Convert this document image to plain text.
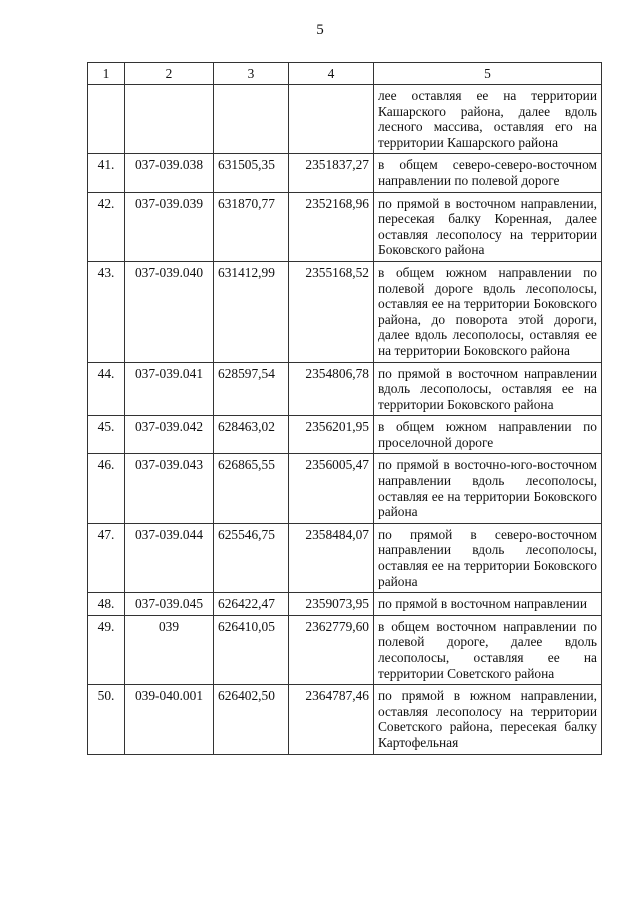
5
1	2	3	4	5
				лее оставляя ее на территории Кашарского района, далее вдоль лесного массива, оставляя его на территории Кашарского района
41.	037-039.038	631505,35	2351837,27	в общем северо-северо-восточном направлении по полевой дороге
42.	037-039.039	631870,77	2352168,96	по прямой в восточном направлении, пересекая балку Коренная, далее оставляя лесополосу на территории Боковского района
43.	037-039.040	631412,99	2355168,52	в общем южном направлении по полевой дороге вдоль лесополосы, оставляя ее на территории Боковского района, до поворота этой дороги, далее вдоль лесополосы, оставляя ее на территории Боковского района
44.	037-039.041	628597,54	2354806,78	по прямой в восточном направлении вдоль лесополосы, оставляя ее на территории Боковского района
45.	037-039.042	628463,02	2356201,95	в общем южном направлении по проселочной дороге
46.	037-039.043	626865,55	2356005,47	по прямой в восточно-юго-восточном направлении вдоль лесополосы, оставляя ее на территории Боковского района
47.	037-039.044	625546,75	2358484,07	по прямой в северо-восточном направлении вдоль лесополосы, оставляя ее на территории Боковского района
48.	037-039.045	626422,47	2359073,95	по прямой в восточном направлении
49.	039	626410,05	2362779,60	в общем восточном направлении по полевой дороге, далее вдоль лесополосы, оставляя ее на территории Советского района
50.	039-040.001	626402,50	2364787,46	по прямой в южном направлении, оставляя лесополосу на территории Советского района, пересекая балку Картофельная
